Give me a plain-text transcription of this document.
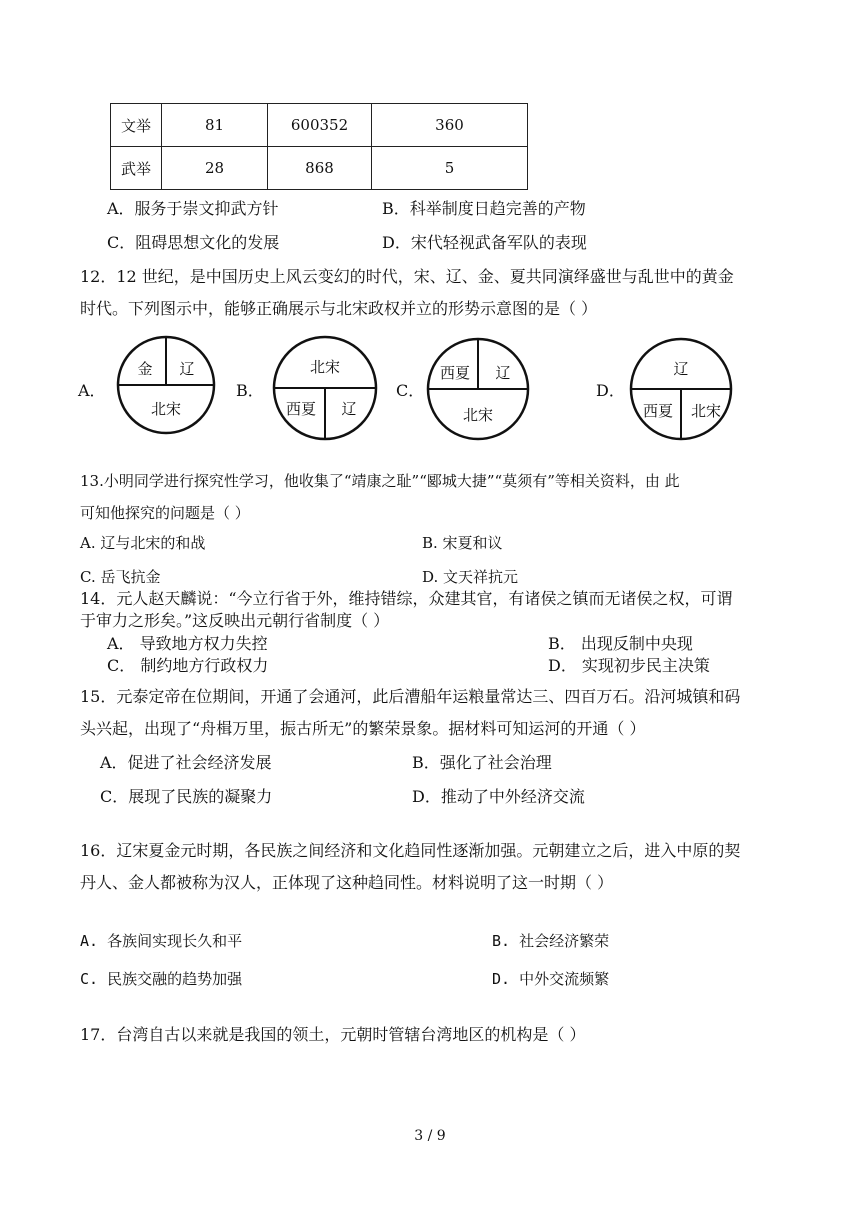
文举	81	600352	360
武举	28	868	5
A．服务于崇文抑武方针	B．科举制度日趋完善的产物
C．阻碍思想文化的发展	D．宋代轻视武备军队的表现
12．12 世纪，是中国历史上风云变幻的时代，宋、辽、金、夏共同演绎盛世与乱世中的黄金
时代。下列图示中，能够正确展示与北宋政权并立的形势示意图的是（ ）
A．
金 辽
北宋
B．
北宋
西夏 辽
C．
西夏 辽
北宋
D．
辽
西夏 北宋
13.小明同学进行探究性学习，他收集了“靖康之耻”“郾城大捷”“莫须有”等相关资料，由 此
可知他探究的问题是（ ）
A. 辽与北宋的和战	B. 宋夏和议
C. 岳飞抗金	D. 文天祥抗元
14．元人赵天麟说：“今立行省于外，维持错综，众建其官，有诸侯之镇而无诸侯之权，可谓
于审力之形矣。”这反映出元朝行省制度（ ）
A． 导致地方权力失控	B． 出现反制中央现
C． 制约地方行政权力	D． 实现初步民主决策
15．元泰定帝在位期间，开通了会通河，此后漕船年运粮量常达三、四百万石。沿河城镇和码
头兴起，出现了“舟楫万里，振古所无”的繁荣景象。据材料可知运河的开通（ ）
A．促进了社会经济发展	B．强化了社会治理
C．展现了民族的凝聚力	D．推动了中外经济交流
16．辽宋夏金元时期，各民族之间经济和文化趋同性逐渐加强。元朝建立之后，进入中原的契
丹人、金人都被称为汉人，正体现了这种趋同性。材料说明了这一时期（ ）
A. 各族间实现长久和平	B. 社会经济繁荣
C. 民族交融的趋势加强	D. 中外交流频繁
17．台湾自古以来就是我国的领土，元朝时管辖台湾地区的机构是（ ）
3 / 9
